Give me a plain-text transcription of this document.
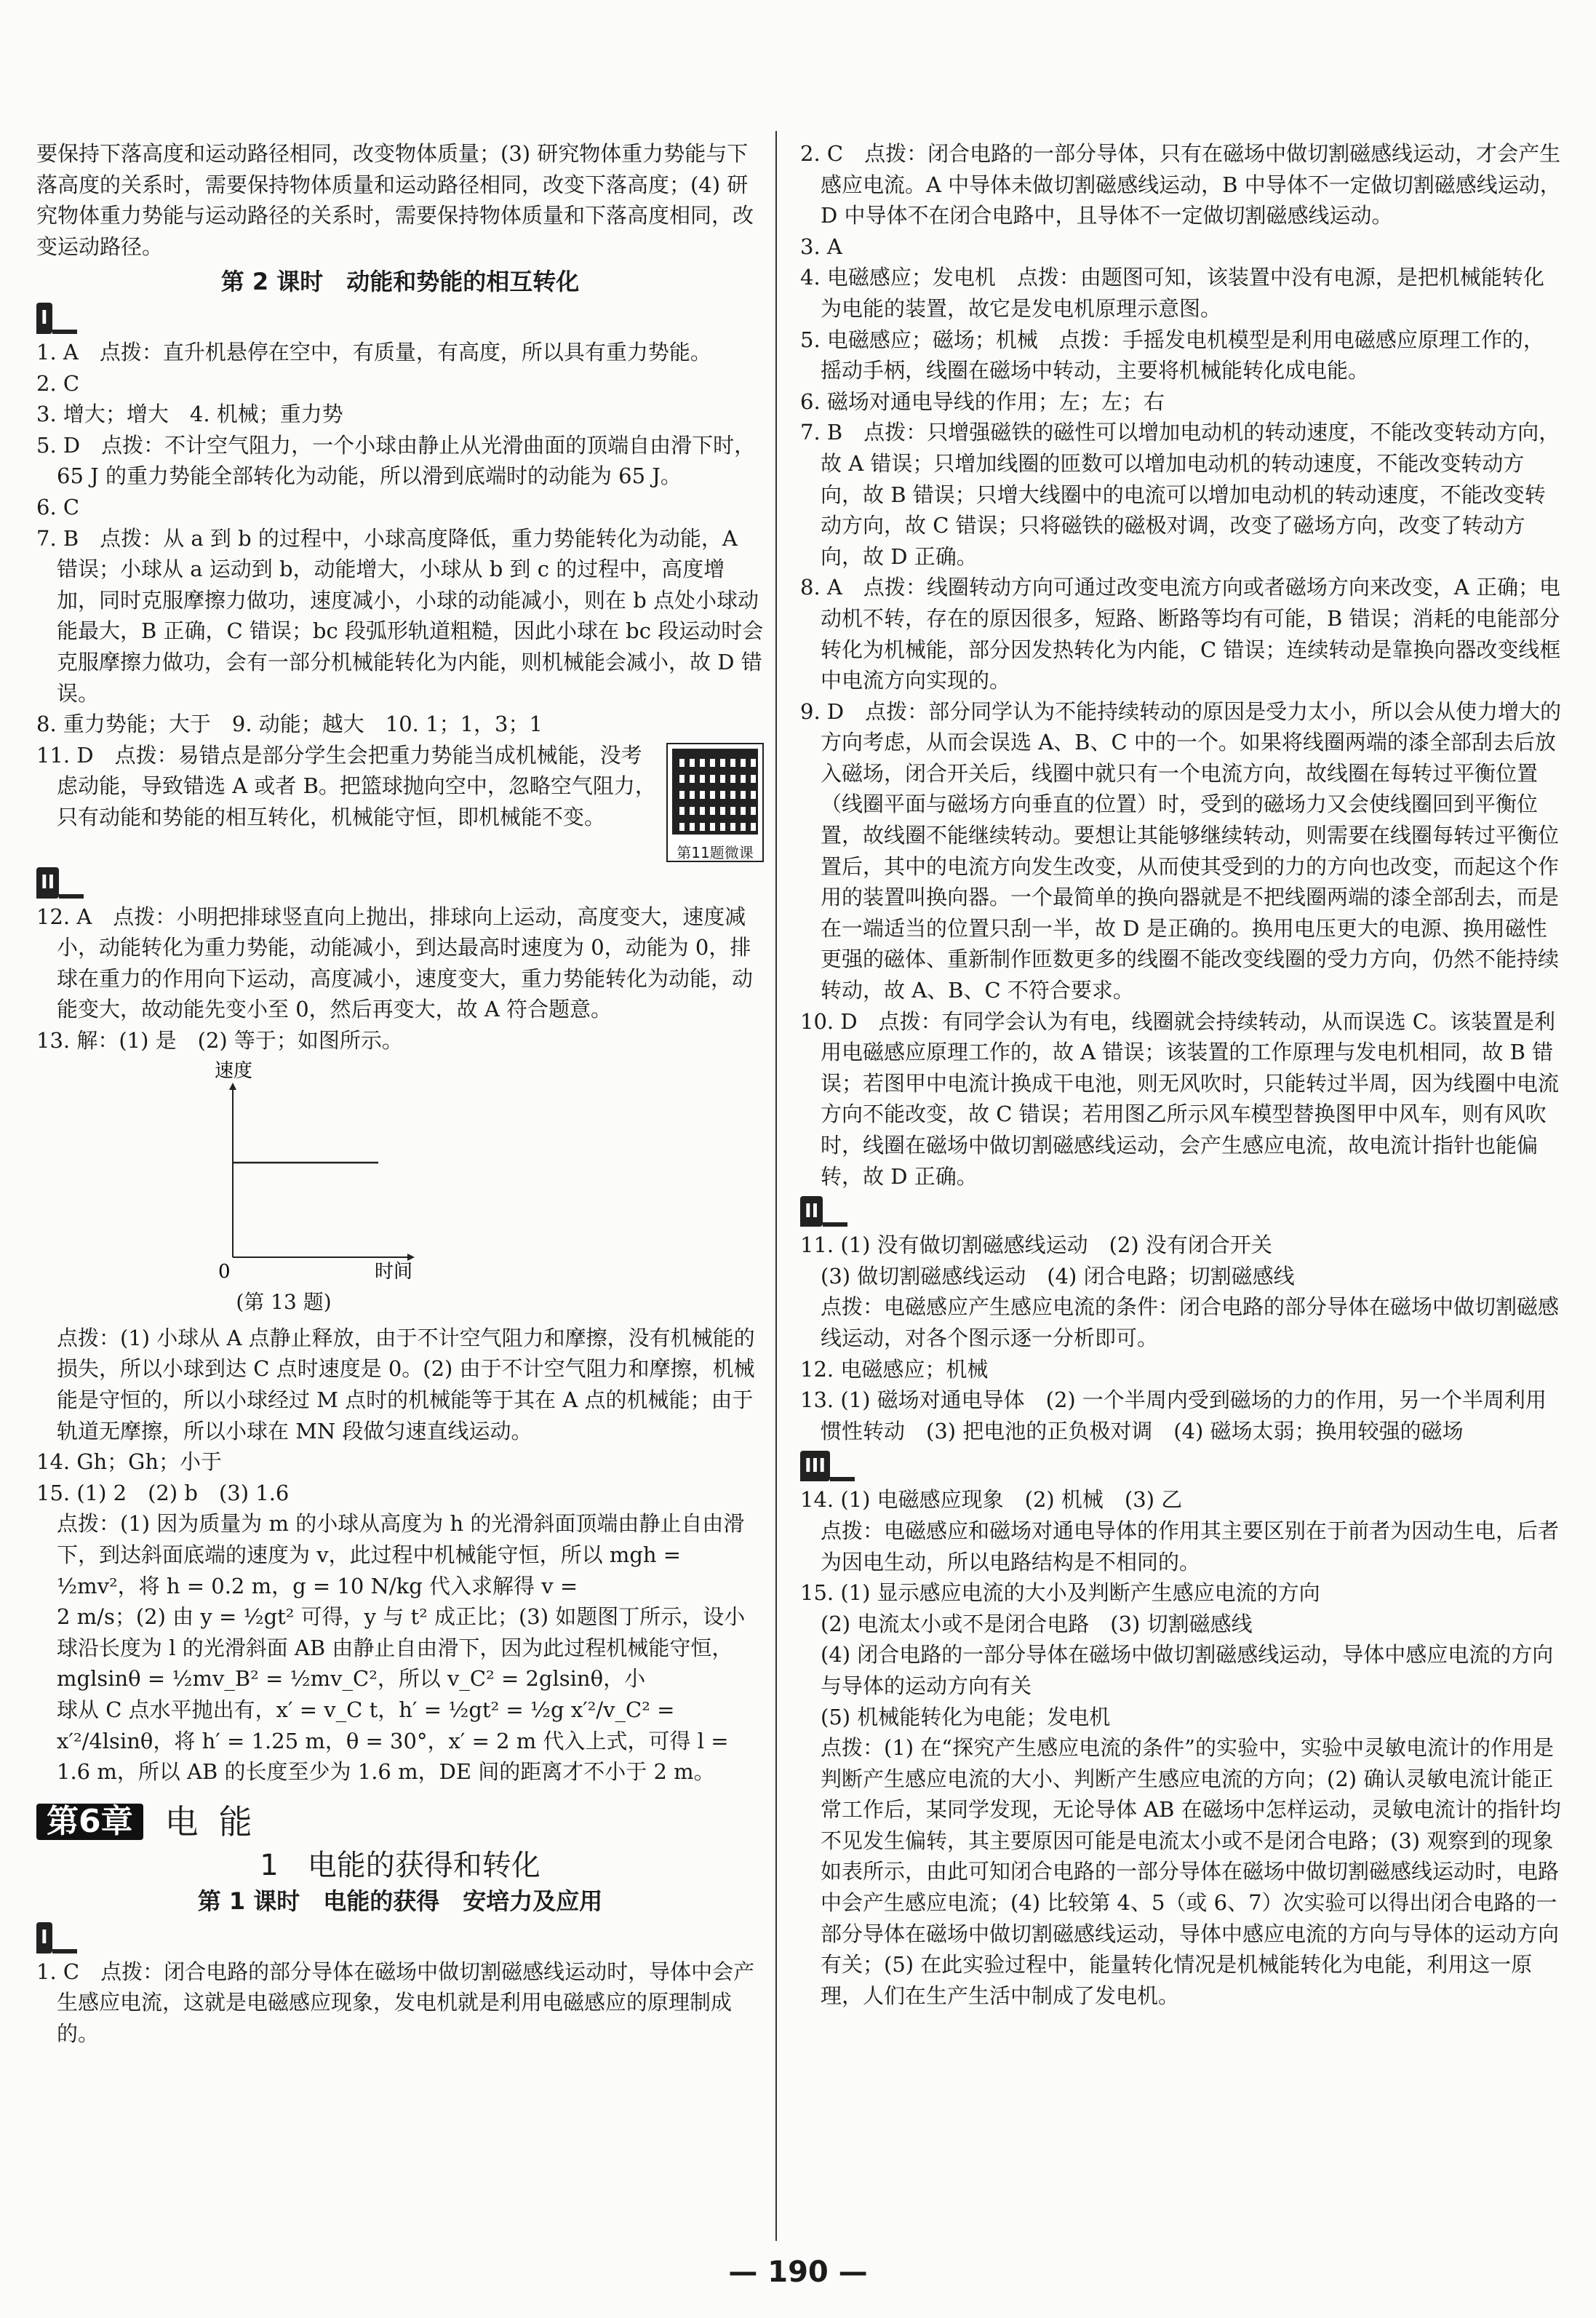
要保持下落高度和运动路径相同，改变物体质量；(3) 研究物体重力势能与下落高度的关系时，需要保持物体质量和运动路径相同，改变下落高度；(4) 研究物体重力势能与运动路径的关系时，需要保持物体质量和下落高度相同，改变运动路径。

第 2 课时　动能和势能的相互转化
I

1. A　点拨：直升机悬停在空中，有质量，有高度，所以具有重力势能。

2. C

3. 增大；增大　4. 机械；重力势

5. D　点拨：不计空气阻力，一个小球由静止从光滑曲面的顶端自由滑下时，65 J 的重力势能全部转化为动能，所以滑到底端时的动能为 65 J。

6. C

7. B　点拨：从 a 到 b 的过程中，小球高度降低，重力势能转化为动能，A 错误；小球从 a 运动到 b，动能增大，小球从 b 到 c 的过程中，高度增加，同时克服摩擦力做功，速度减小，小球的动能减小，则在 b 点处小球动能最大，B 正确，C 错误；bc 段弧形轨道粗糙，因此小球在 bc 段运动时会克服摩擦力做功，会有一部分机械能转化为内能，则机械能会减小，故 D 错误。

8. 重力势能；大于　9. 动能；越大　10. 1；1，3；1

第11题微课

11. D　点拨：易错点是部分学生会把重力势能当成机械能，没考虑动能，导致错选 A 或者 B。把篮球抛向空中，忽略空气阻力，只有动能和势能的相互转化，机械能守恒，即机械能不变。

II

12. A　点拨：小明把排球竖直向上抛出，排球向上运动，高度变大，速度减小，动能转化为重力势能，动能减小，到达最高时速度为 0，动能为 0，排球在重力的作用向下运动，高度减小，速度变大，重力势能转化为动能，动能变大，故动能先变小至 0，然后再变大，故 A 符合题意。

13. 解：(1) 是　(2) 等于；如图所示。

速度
时间
0
(第 13 题)

点拨：(1) 小球从 A 点静止释放，由于不计空气阻力和摩擦，没有机械能的损失，所以小球到达 C 点时速度是 0。(2) 由于不计空气阻力和摩擦，机械能是守恒的，所以小球经过 M 点时的机械能等于其在 A 点的机械能；由于轨道无摩擦，所以小球在 MN 段做匀速直线运动。

14. Gh；Gh；小于

15. (1) 2　(2) b　(3) 1.6

点拨：(1) 因为质量为 m 的小球从高度为 h 的光滑斜面顶端由静止自由滑下，到达斜面底端的速度为 v，此过程中机械能守恒，所以 mgh = ½mv²，将 h = 0.2 m，g = 10 N/kg 代入求解得 v =

2 m/s；(2) 由 y = ½gt² 可得，y 与 t² 成正比；(3) 如题图丁所示，设小球沿长度为 l 的光滑斜面 AB 由静止自由滑下，因为此过程机械能守恒，mglsinθ = ½mv_B² = ½mv_C²，所以 v_C² = 2glsinθ，小

球从 C 点水平抛出有，x′ = v_C t，h′ = ½gt² = ½g x′²/v_C² = x′²/4lsinθ，将 h′ = 1.25 m，θ = 30°，x′ = 2 m 代入上式，可得 l = 1.6 m，所以 AB 的长度至少为 1.6 m，DE 间的距离才不小于 2 m。

第6章 电能
1　电能的获得和转化
第 1 课时　电能的获得　安培力及应用
I

1. C　点拨：闭合电路的部分导体在磁场中做切割磁感线运动时，导体中会产生感应电流，这就是电磁感应现象，发电机就是利用电磁感应的原理制成的。

2. C　点拨：闭合电路的一部分导体，只有在磁场中做切割磁感线运动，才会产生感应电流。A 中导体未做切割磁感线运动，B 中导体不一定做切割磁感线运动，D 中导体不在闭合电路中，且导体不一定做切割磁感线运动。

3. A

4. 电磁感应；发电机　点拨：由题图可知，该装置中没有电源，是把机械能转化为电能的装置，故它是发电机原理示意图。

5. 电磁感应；磁场；机械　点拨：手摇发电机模型是利用电磁感应原理工作的，摇动手柄，线圈在磁场中转动，主要将机械能转化成电能。

6. 磁场对通电导线的作用；左；左；右

7. B　点拨：只增强磁铁的磁性可以增加电动机的转动速度，不能改变转动方向，故 A 错误；只增加线圈的匝数可以增加电动机的转动速度，不能改变转动方向，故 B 错误；只增大线圈中的电流可以增加电动机的转动速度，不能改变转动方向，故 C 错误；只将磁铁的磁极对调，改变了磁场方向，改变了转动方向，故 D 正确。

8. A　点拨：线圈转动方向可通过改变电流方向或者磁场方向来改变，A 正确；电动机不转，存在的原因很多，短路、断路等均有可能，B 错误；消耗的电能部分转化为机械能，部分因发热转化为内能，C 错误；连续转动是靠换向器改变线框中电流方向实现的。

9. D　点拨：部分同学认为不能持续转动的原因是受力太小，所以会从使力增大的方向考虑，从而会误选 A、B、C 中的一个。如果将线圈两端的漆全部刮去后放入磁场，闭合开关后，线圈中就只有一个电流方向，故线圈在每转过平衡位置（线圈平面与磁场方向垂直的位置）时，受到的磁场力又会使线圈回到平衡位置，故线圈不能继续转动。要想让其能够继续转动，则需要在线圈每转过平衡位置后，其中的电流方向发生改变，从而使其受到的力的方向也改变，而起这个作用的装置叫换向器。一个最简单的换向器就是不把线圈两端的漆全部刮去，而是在一端适当的位置只刮一半，故 D 是正确的。换用电压更大的电源、换用磁性更强的磁体、重新制作匝数更多的线圈不能改变线圈的受力方向，仍然不能持续转动，故 A、B、C 不符合要求。

10. D　点拨：有同学会认为有电，线圈就会持续转动，从而误选 C。该装置是利用电磁感应原理工作的，故 A 错误；该装置的工作原理与发电机相同，故 B 错误；若图甲中电流计换成干电池，则无风吹时，只能转过半周，因为线圈中电流方向不能改变，故 C 错误；若用图乙所示风车模型替换图甲中风车，则有风吹时，线圈在磁场中做切割磁感线运动，会产生感应电流，故电流计指针也能偏转，故 D 正确。

II

11. (1) 没有做切割磁感线运动　(2) 没有闭合开关

(3) 做切割磁感线运动　(4) 闭合电路；切割磁感线

点拨：电磁感应产生感应电流的条件：闭合电路的部分导体在磁场中做切割磁感线运动，对各个图示逐一分析即可。

12. 电磁感应；机械

13. (1) 磁场对通电导体　(2) 一个半周内受到磁场的力的作用，另一个半周利用惯性转动　(3) 把电池的正负极对调　(4) 磁场太弱；换用较强的磁场

III

14. (1) 电磁感应现象　(2) 机械　(3) 乙

点拨：电磁感应和磁场对通电导体的作用其主要区别在于前者为因动生电，后者为因电生动，所以电路结构是不相同的。

15. (1) 显示感应电流的大小及判断产生感应电流的方向

(2) 电流太小或不是闭合电路　(3) 切割磁感线

(4) 闭合电路的一部分导体在磁场中做切割磁感线运动，导体中感应电流的方向与导体的运动方向有关

(5) 机械能转化为电能；发电机

点拨：(1) 在“探究产生感应电流的条件”的实验中，实验中灵敏电流计的作用是判断产生感应电流的大小、判断产生感应电流的方向；(2) 确认灵敏电流计能正常工作后，某同学发现，无论导体 AB 在磁场中怎样运动，灵敏电流计的指针均不见发生偏转，其主要原因可能是电流太小或不是闭合电路；(3) 观察到的现象如表所示，由此可知闭合电路的一部分导体在磁场中做切割磁感线运动时，电路中会产生感应电流；(4) 比较第 4、5（或 6、7）次实验可以得出闭合电路的一部分导体在磁场中做切割磁感线运动，导体中感应电流的方向与导体的运动方向有关；(5) 在此实验过程中，能量转化情况是机械能转化为电能，利用这一原理，人们在生产生活中制成了发电机。

— 190 —
